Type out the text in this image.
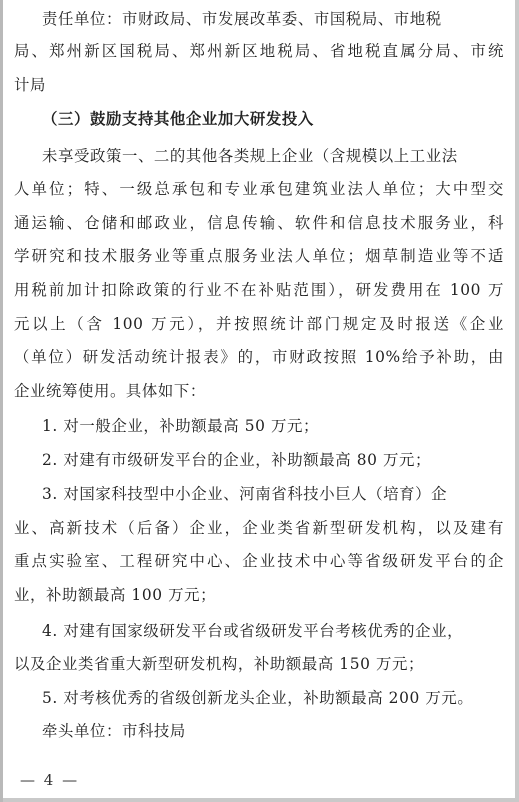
责任单位：市财政局、市发展改革委、市国税局、市地税
局、郑州新区国税局、郑州新区地税局、省地税直属分局、市统
计局
（三）鼓励支持其他企业加大研发投入
未享受政策一、二的其他各类规上企业（含规模以上工业法
人单位；特、一级总承包和专业承包建筑业法人单位；大中型交
通运输、仓储和邮政业，信息传输、软件和信息技术服务业，科
学研究和技术服务业等重点服务业法人单位；烟草制造业等不适
用税前加计扣除政策的行业不在补贴范围），研发费用在 100 万
元以上（含 100 万元），并按照统计部门规定及时报送《企业
（单位）研发活动统计报表》的，市财政按照 10%给予补助，由
企业统筹使用。具体如下：
1. 对一般企业，补助额最高 50 万元；
2. 对建有市级研发平台的企业，补助额最高 80 万元；
3. 对国家科技型中小企业、河南省科技小巨人（培育）企
业、高新技术（后备）企业，企业类省新型研发机构，以及建有
重点实验室、工程研究中心、企业技术中心等省级研发平台的企
业，补助额最高 100 万元；
4. 对建有国家级研发平台或省级研发平台考核优秀的企业，
以及企业类省重大新型研发机构，补助额最高 150 万元；
5. 对考核优秀的省级创新龙头企业，补助额最高 200 万元。
牵头单位：市科技局
— 4 —
